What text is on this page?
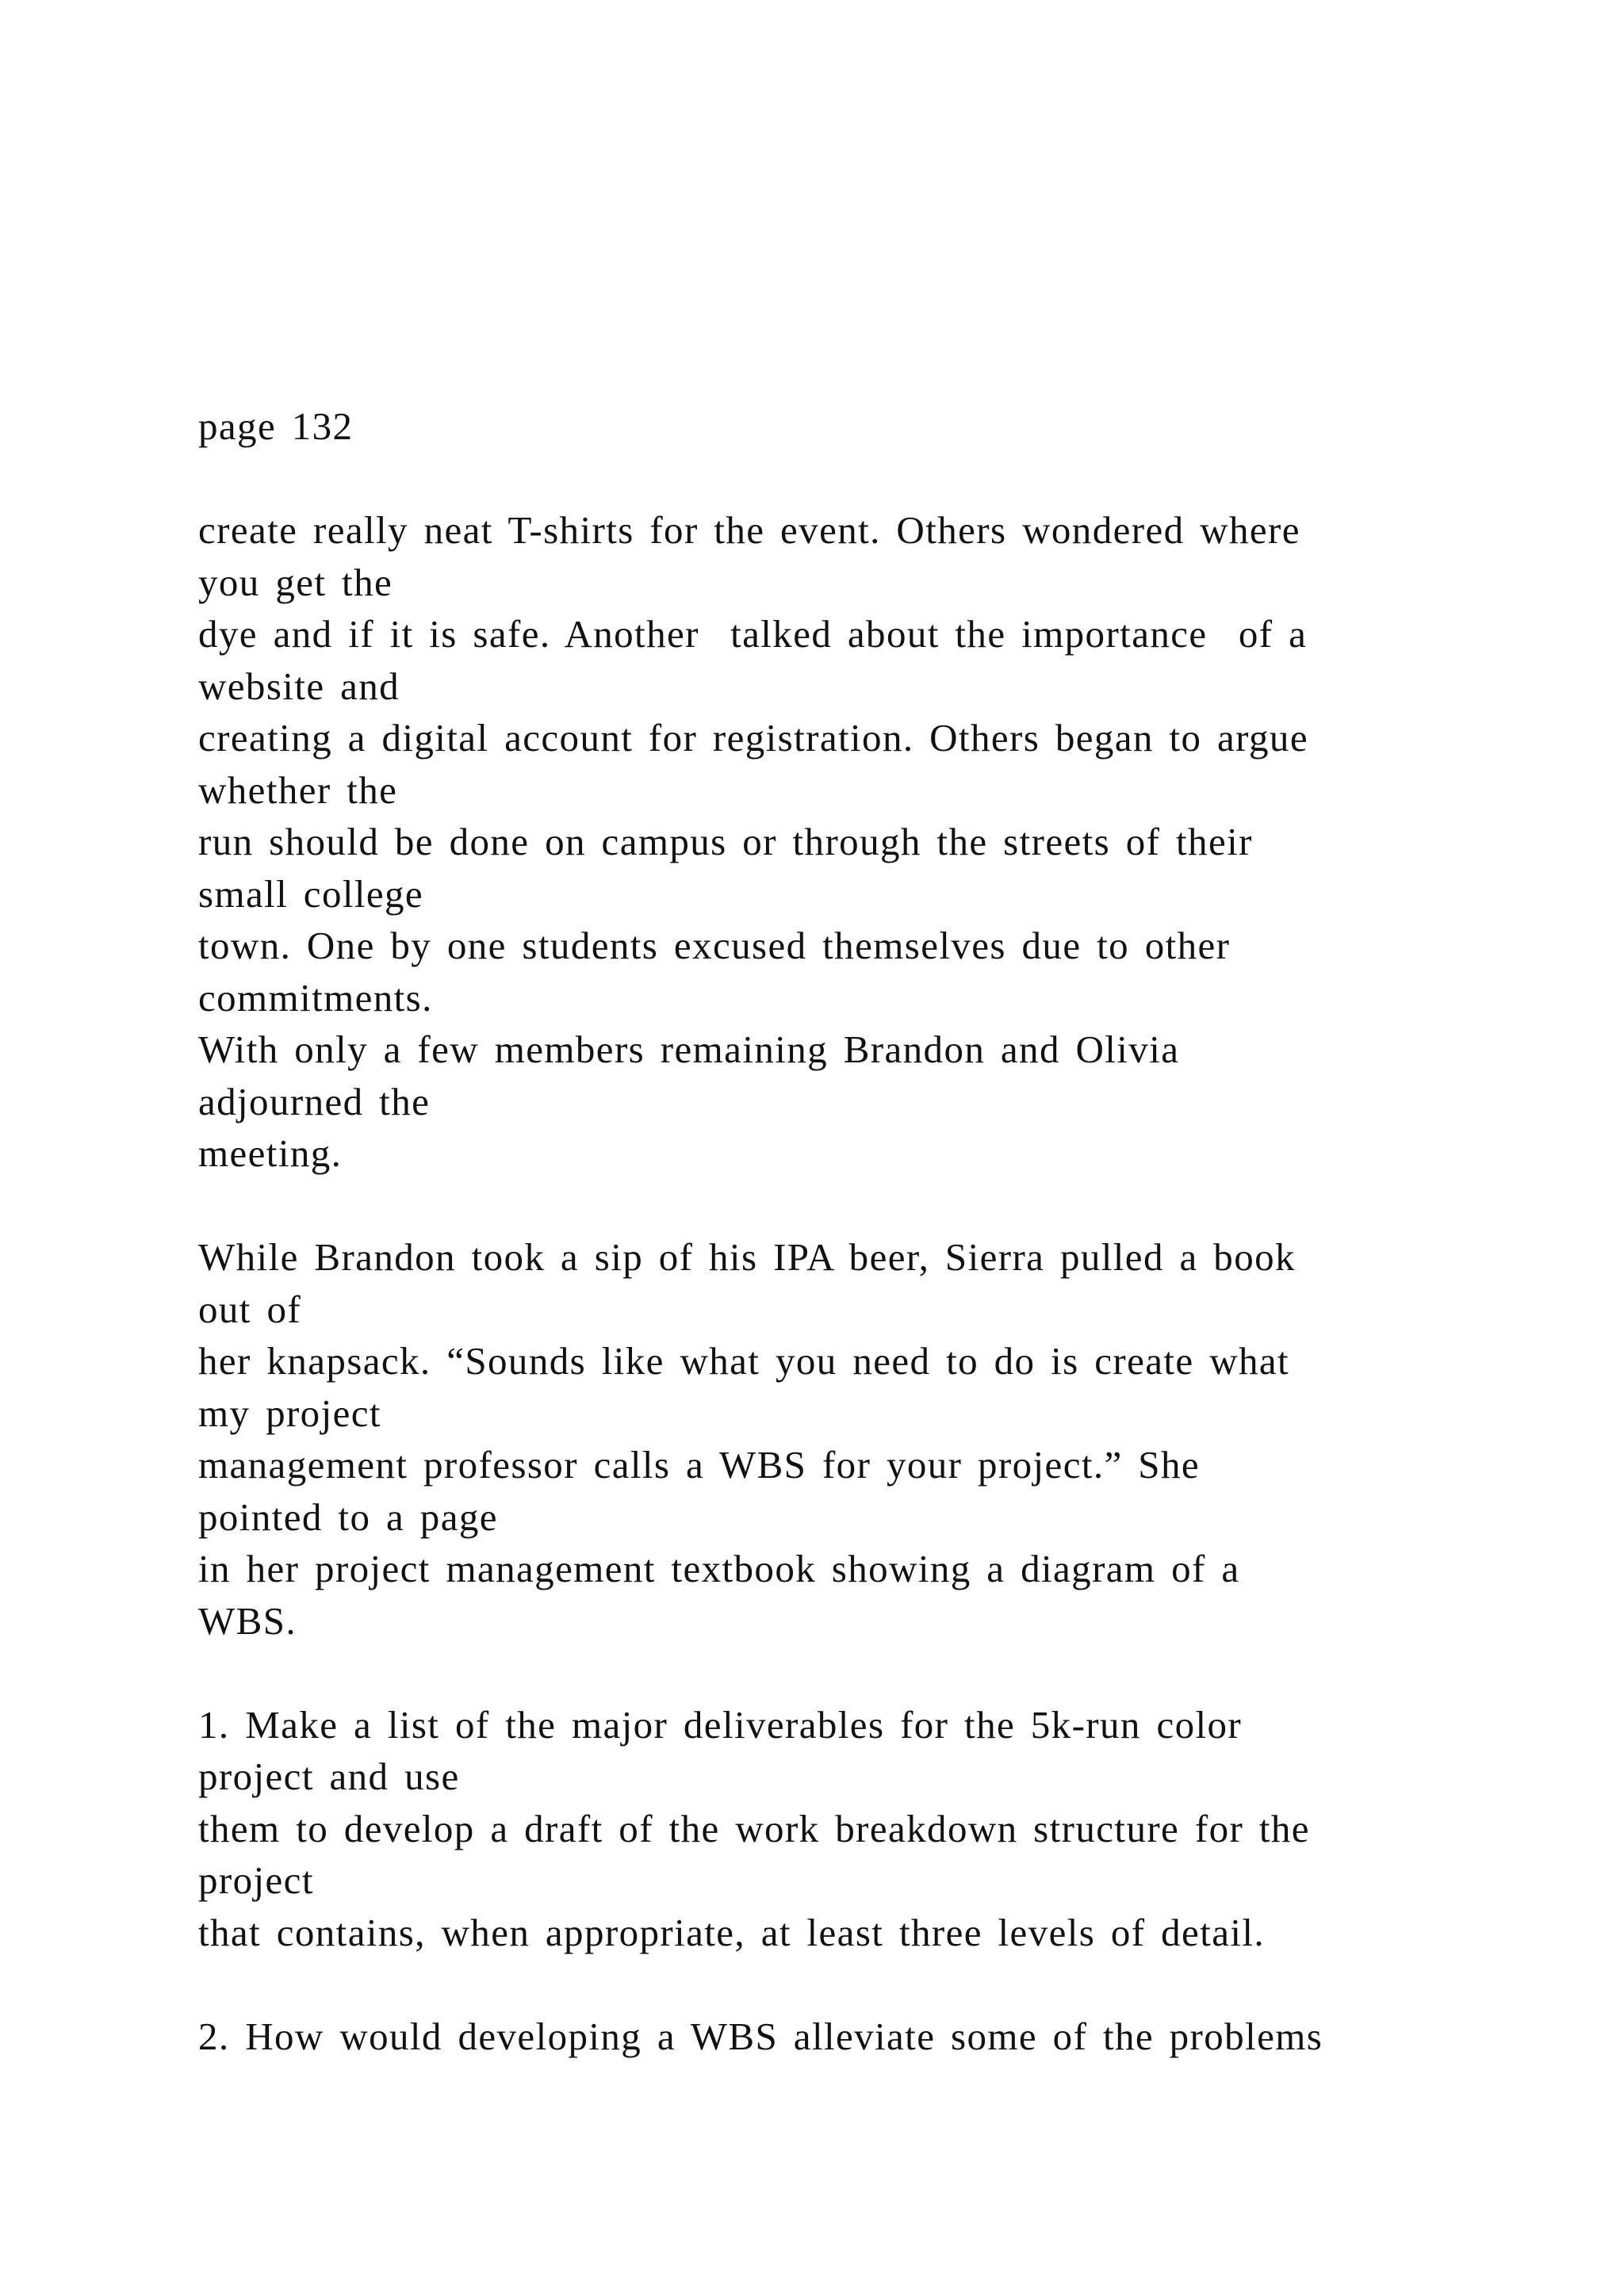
page 132
create really neat T-shirts for the event. Others wondered where
you get the
dye and if it is safe. Another  talked about the importance  of a
website and
creating a digital account for registration. Others began to argue
whether the
run should be done on campus or through the streets of their
small college
town. One by one students excused themselves due to other
commitments.
With only a few members remaining Brandon and Olivia
adjourned the
meeting.
While Brandon took a sip of his IPA beer, Sierra pulled a book
out of
her knapsack. “Sounds like what you need to do is create what
my project
management professor calls a WBS for your project.” She
pointed to a page
in her project management textbook showing a diagram of a
WBS.
1. Make a list of the major deliverables for the 5k-run color
project and use
them to develop a draft of the work breakdown structure for the
project
that contains, when appropriate, at least three levels of detail.
2. How would developing a WBS alleviate some of the problems
